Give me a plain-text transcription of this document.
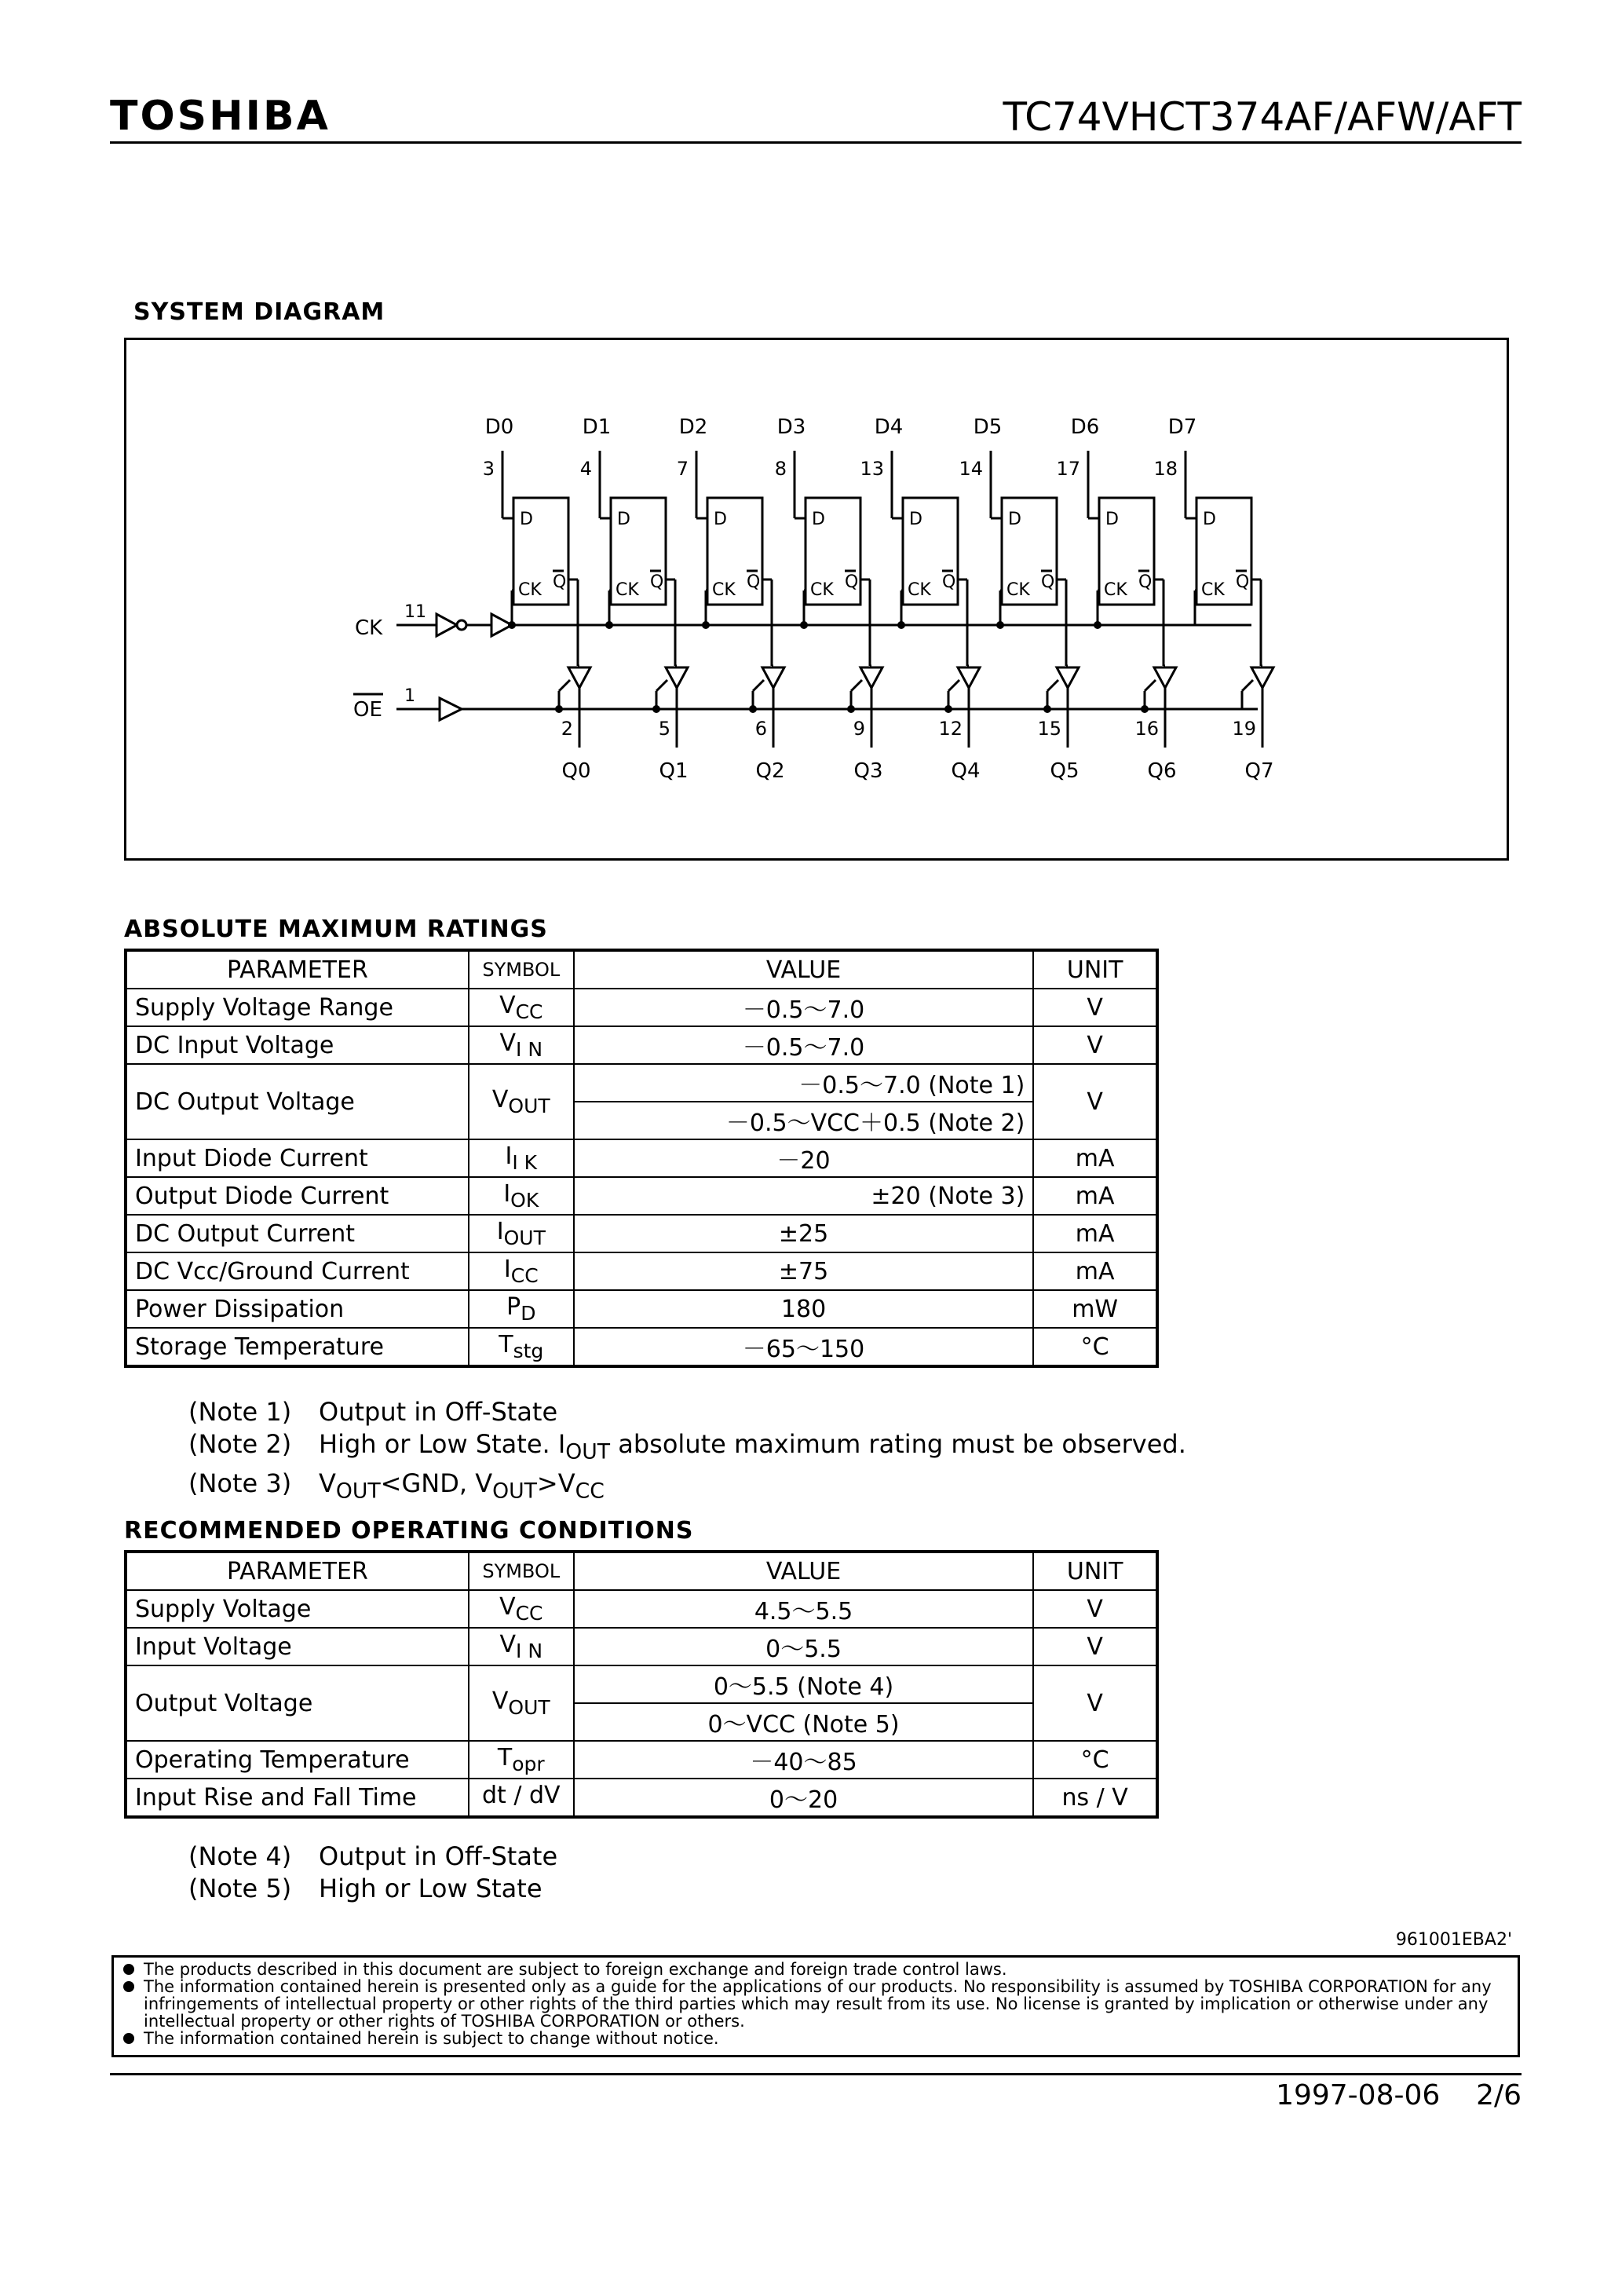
TOSHIBA	TC74VHCT374AF/AFW/AFT
SYSTEM DIAGRAM
CK
11
OE
1
D0
3
D
CK Q
2
Q0
D1
4
D
CK Q
5
Q1
D2
7
D
CK Q
6
Q2
D3
8
D
CK Q
9
Q3
D4
13
D
CK Q
12
Q4
D5
14
D
CK Q
15
Q5
D6
17
D
CK Q
16
Q6
D7
18
D
CK Q
19
Q7
ABSOLUTE MAXIMUM RATINGS
PARAMETER	SYMBOL	VALUE	UNIT
Supply Voltage Range	$V_{CC}$	－0.5～7.0	V
DC Input Voltage	$V_{I N}$	－0.5～7.0	V
DC Output Voltage	$V_{OUT}$	－0.5～7.0 (Note 1)	V
		－0.5～VCC＋0.5 (Note 2)	
Input Diode Current	$I_{I K}$	－20	mA
Output Diode Current	$I_{OK}$	±20 (Note 3)	mA
DC Output Current	$I_{OUT}$	±25	mA
DC Vcc/Ground Current	$I_{CC}$	±75	mA
Power Dissipation	$P_D$	180	mW
Storage Temperature	$T_{stg}$	－65～150	°C
(Note 1) Output in Off-State
(Note 2) High or Low State. $I_{OUT}$ absolute maximum rating must be observed.
(Note 3) $V_{OUT}<GND$, $V_{OUT}>V_{CC}$
RECOMMENDED OPERATING CONDITIONS
PARAMETER	SYMBOL	VALUE	UNIT
Supply Voltage	$V_{CC}$	4.5～5.5	V
Input Voltage	$V_{I N}$	0～5.5	V
Output Voltage	$V_{OUT}$	0～5.5 (Note 4)	V
		0～VCC (Note 5)	
Operating Temperature	$T_{opr}$	－40～85	°C
Input Rise and Fall Time	dt / dV	0～20	ns / V
(Note 4) Output in Off-State
(Note 5) High or Low State
961001EBA2'
The products described in this document are subject to foreign exchange and foreign trade control laws.
The information contained herein is presented only as a guide for the applications of our products. No responsibility is assumed by TOSHIBA CORPORATION for any infringements of intellectual property or other rights of the third parties which may result from its use. No license is granted by implication or otherwise under any intellectual property or other rights of TOSHIBA CORPORATION or others.
The information contained herein is subject to change without notice.
1997-08-06 2/6
